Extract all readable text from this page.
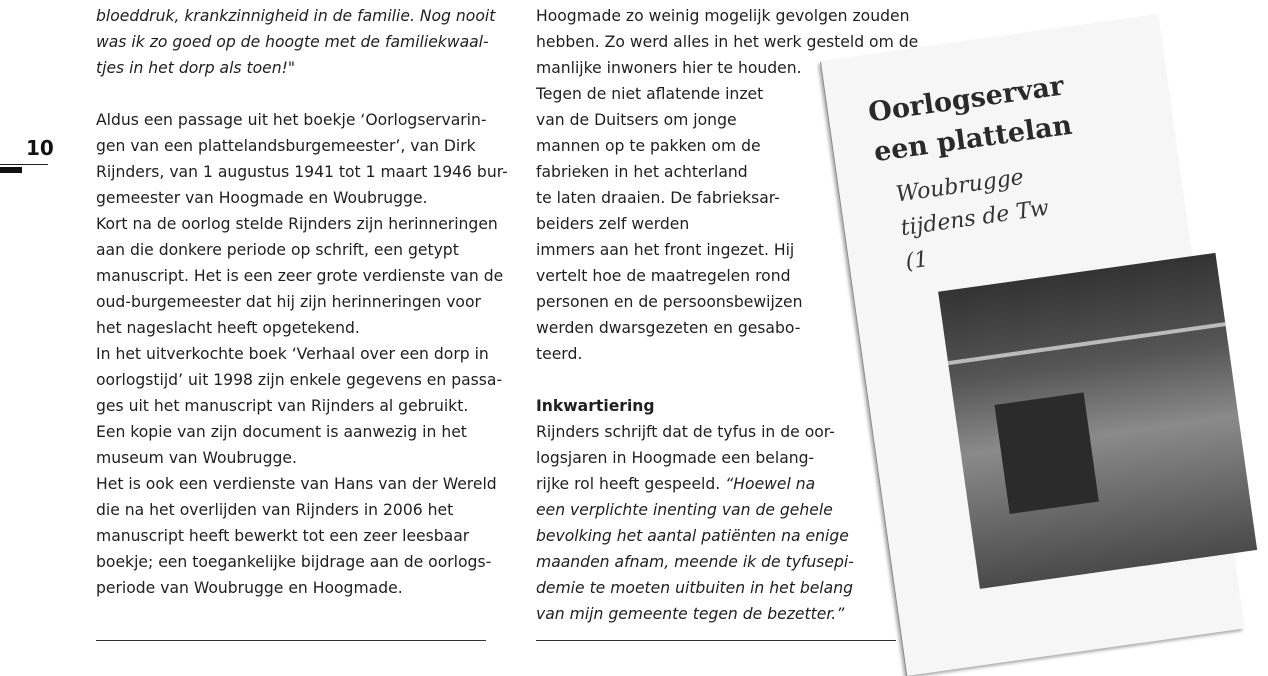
10

bloeddruk, krankzinnigheid in de familie. Nog nooit

was ik zo goed op de hoogte met de familiekwaal-

tjes in het dorp als toen!"

Aldus een passage uit het boekje ‘Oorlogservarin-

gen van een plattelandsburgemeester’, van Dirk

Rijnders, van 1 augustus 1941 tot 1 maart 1946 bur-

gemeester van Hoogmade en Woubrugge.

Kort na de oorlog stelde Rijnders zijn herinneringen

aan die donkere periode op schrift, een getypt

manuscript. Het is een zeer grote verdienste van de

oud-burgemeester dat hij zijn herinneringen voor

het nageslacht heeft opgetekend.

In het uitverkochte boek ‘Verhaal over een dorp in

oorlogstijd’ uit 1998 zijn enkele gegevens en passa-

ges uit het manuscript van Rijnders al gebruikt.

Een kopie van zijn document is aanwezig in het

museum van Woubrugge.

Het is ook een verdienste van Hans van der Wereld

die na het overlijden van Rijnders in 2006 het

manuscript heeft bewerkt tot een zeer leesbaar

boekje; een toegankelijke bijdrage aan de oorlogs-

periode van Woubrugge en Hoogmade.

Hoogmade zo weinig mogelijk gevolgen zouden

hebben. Zo werd alles in het werk gesteld om de

manlijke inwoners hier te houden.

Tegen de niet aflatende inzet

van de Duitsers om jonge

mannen op te pakken om de

fabrieken in het achterland

te laten draaien. De fabrieksar-

beiders zelf werden

immers aan het front ingezet. Hij

vertelt hoe de maatregelen rond

personen en de persoonsbewijzen

werden dwarsgezeten en gesabo-

teerd.

Inkwartiering

Rijnders schrijft dat de tyfus in de oor-

logsjaren in Hoogmade een belang-

rijke rol heeft gespeeld. “Hoewel na

een verplichte inenting van de gehele

bevolking het aantal patiënten na enige

maanden afnam, meende ik de tyfusepi-

demie te moeten uitbuiten in het belang

van mijn gemeente tegen de bezetter.”

Oorlogservar
een plattelan
Woubrugge
tijdens de Tw
(1
